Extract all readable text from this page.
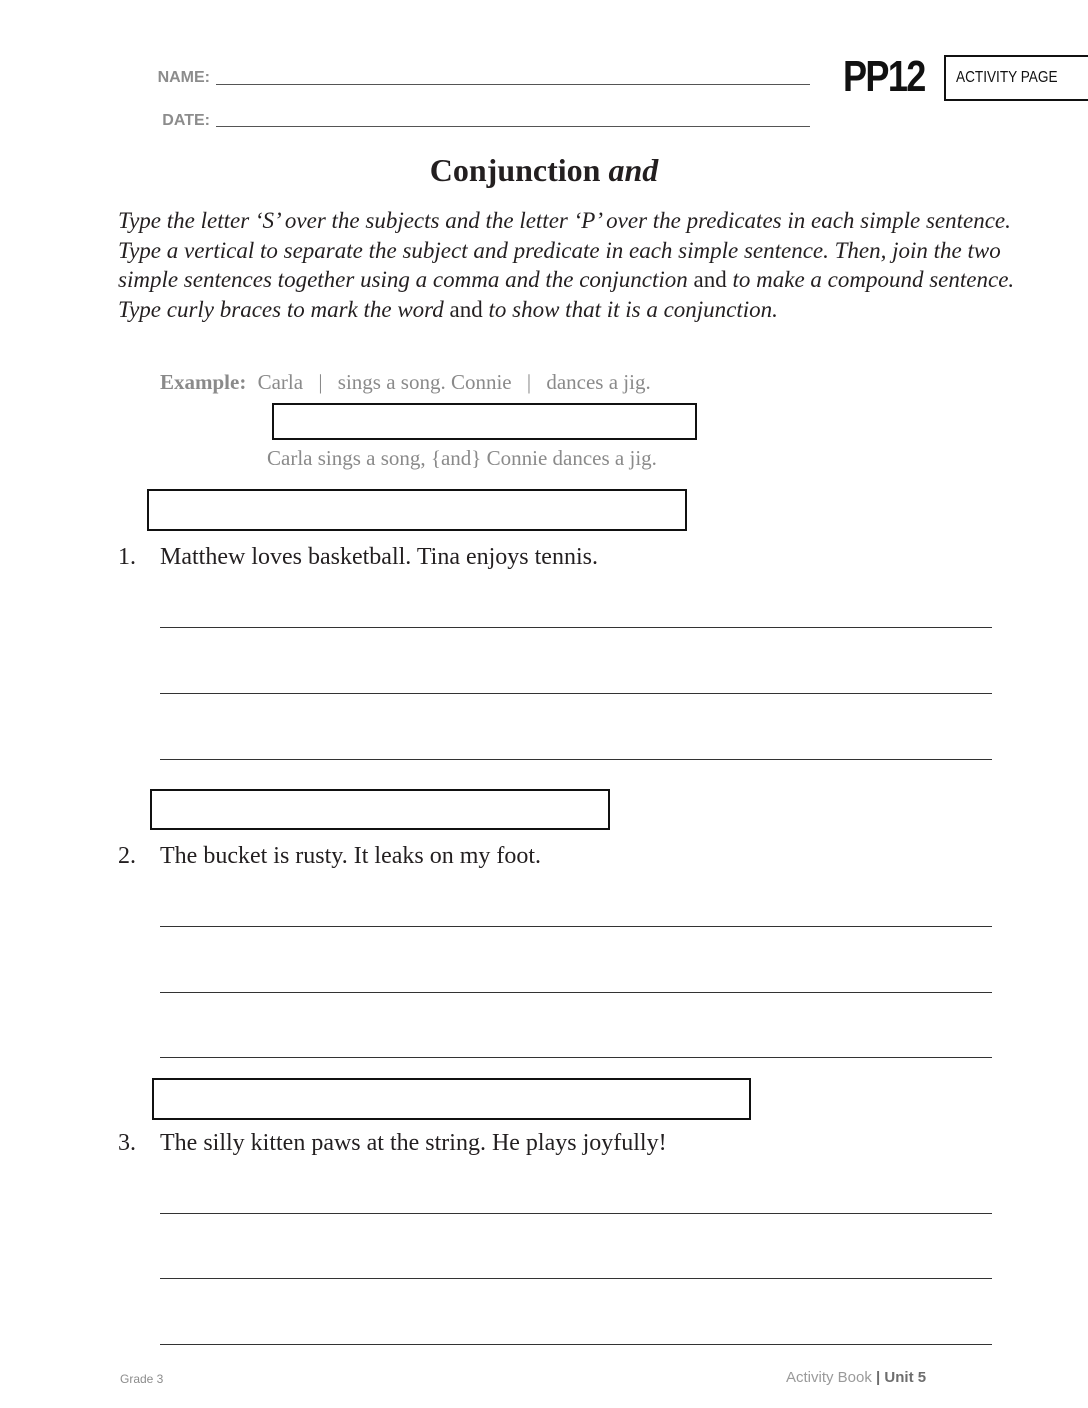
NAME:
DATE:
PP12 ACTIVITY PAGE
Conjunction and
Type the letter ‘S’ over the subjects and the letter ‘P’ over the predicates in each simple sentence. Type a vertical to separate the subject and predicate in each simple sentence. Then, join the two simple sentences together using a comma and the conjunction and to make a compound sentence. Type curly braces to mark the word and to show that it is a conjunction.
Example: Carla | sings a song. Connie | dances a jig.
Carla sings a song, {and} Connie dances a jig.
1. Matthew loves basketball. Tina enjoys tennis.
2. The bucket is rusty. It leaks on my foot.
3. The silly kitten paws at the string. He plays joyfully!
Grade 3	Activity Book | Unit 5
